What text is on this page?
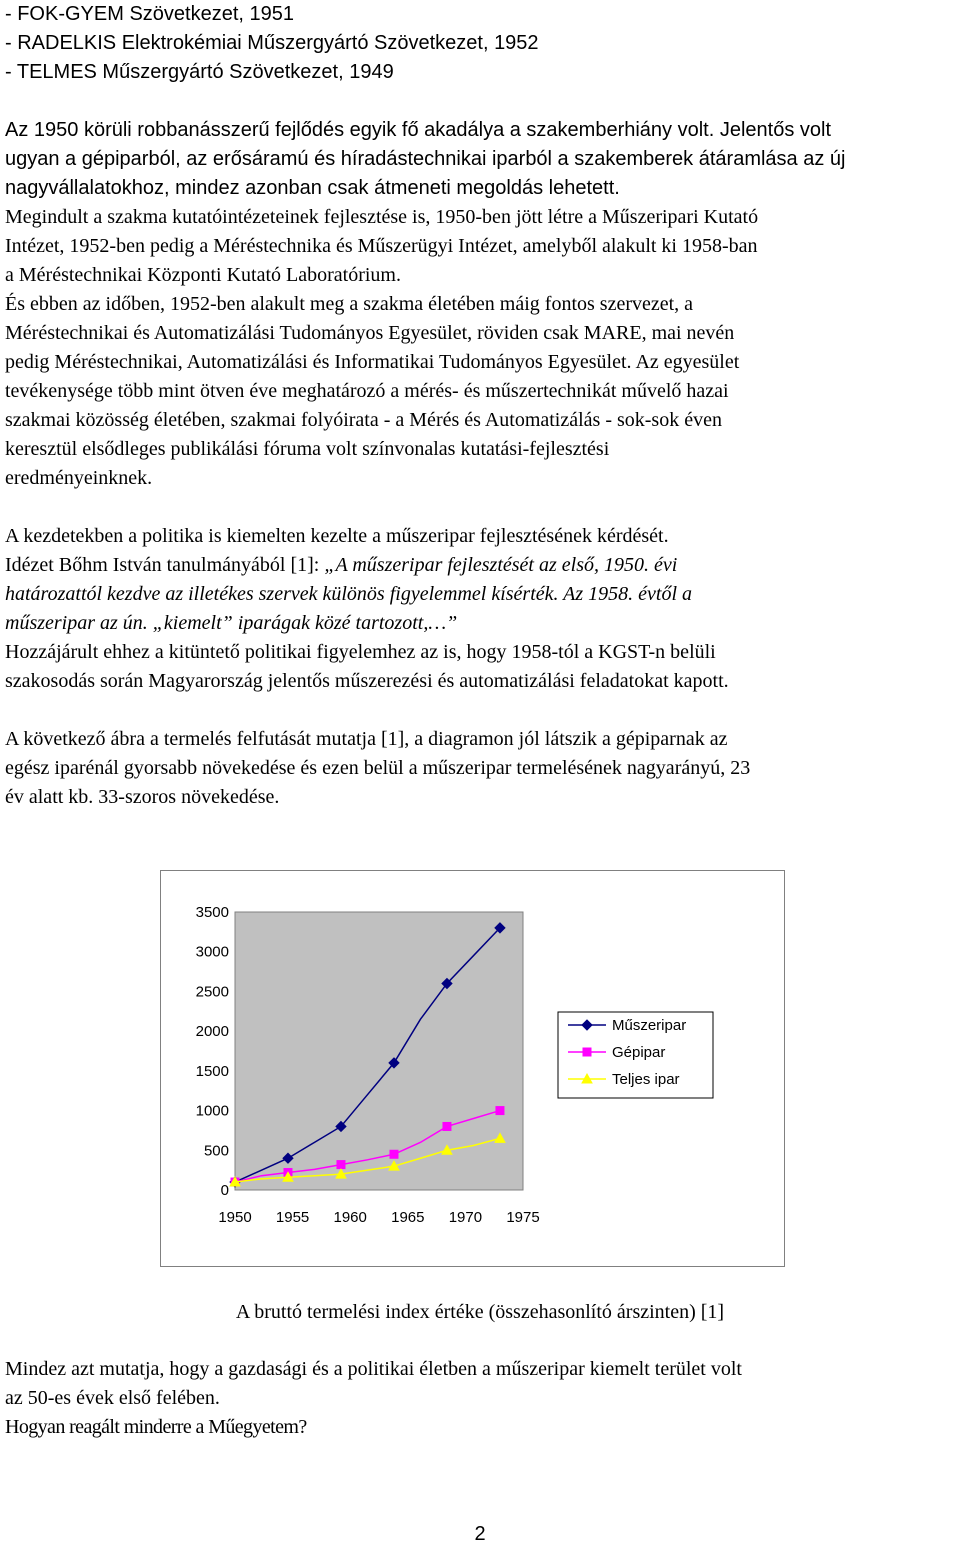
- FOK-GYEM Szövetkezet, 1951
- RADELKIS Elektrokémiai Műszergyártó Szövetkezet, 1952
- TELMES Műszergyártó Szövetkezet, 1949
Az 1950 körüli robbanásszerű fejlődés egyik fő akadálya a szakemberhiány volt. Jelentős volt
ugyan a gépiparból, az erősáramú és híradástechnikai iparból a szakemberek átáramlása az új
nagyvállalatokhoz, mindez azonban csak átmeneti megoldás lehetett.
Megindult a szakma kutatóintézeteinek fejlesztése is, 1950-ben jött létre a Műszeripari Kutató
Intézet, 1952-ben pedig a Méréstechnika és Műszerügyi Intézet, amelyből alakult ki 1958-ban
a Méréstechnikai Központi Kutató Laboratórium.
És ebben az időben, 1952-ben alakult meg a szakma életében máig fontos szervezet, a
Méréstechnikai és Automatizálási Tudományos Egyesület, röviden csak MARE, mai nevén
pedig Méréstechnikai, Automatizálási és Informatikai Tudományos Egyesület. Az egyesület
tevékenysége több mint ötven éve meghatározó a mérés- és műszertechnikát művelő hazai
szakmai közösség életében, szakmai folyóirata - a Mérés és Automatizálás - sok-sok éven
keresztül elsődleges publikálási fóruma volt színvonalas kutatási-fejlesztési
eredményeinknek.
A kezdetekben a politika is kiemelten kezelte a műszeripar fejlesztésének kérdését.
Idézet Bőhm István tanulmányából [1]: „A műszeripar fejlesztését az első, 1950. évi
határozattól kezdve az illetékes szervek különös figyelemmel kísérték. Az 1958. évtől a
műszeripar az ún. „kiemelt” iparágak közé tartozott,…”
Hozzájárult ehhez a kitüntető politikai figyelemhez az is, hogy 1958-tól a KGST-n belüli
szakosodás során Magyarország jelentős műszerezési és automatizálási feladatokat kapott.
A következő ábra a termelés felfutását mutatja [1], a diagramon jól látszik a gépiparnak az
egész iparénál gyorsabb növekedése és ezen belül a műszeripar termelésének nagyarányú, 23
év alatt kb. 33-szoros növekedése.
0
500
1000
1500
2000
2500
3000
3500
1950 1955 1960 1965 1970 1975
Műszeripar
Gépipar
Teljes ipar
A bruttó termelési index értéke (összehasonlító árszinten) [1]
Mindez azt mutatja, hogy a gazdasági és a politikai életben a műszeripar kiemelt terület volt
az 50-es évek első felében.
Hogyan reagált minderre a Műegyetem?
2
